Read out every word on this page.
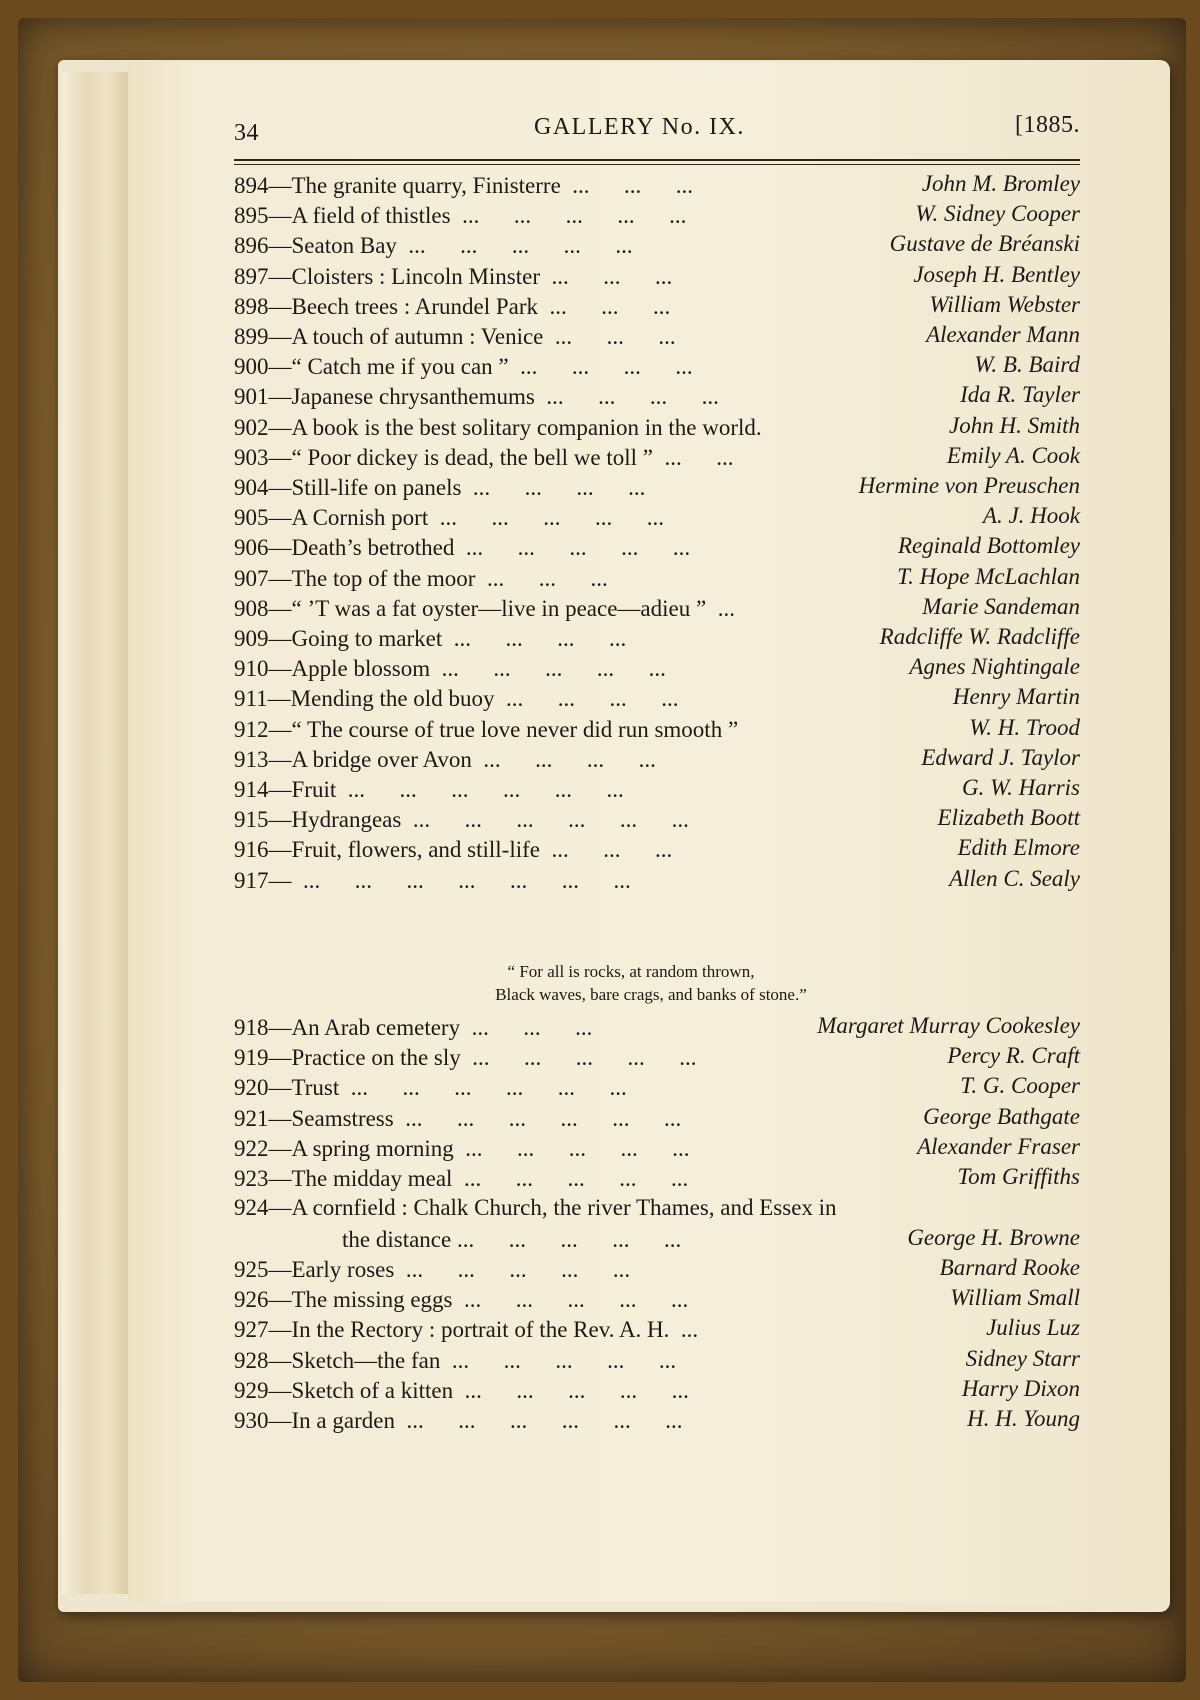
34	GALLERY No. IX.	[1885.
894—The granite quarry, Finisterre ...      ...      ...	John M. Bromley
895—A field of thistles ...      ...      ...      ...      ...	W. Sidney Cooper
896—Seaton Bay ...      ...      ...      ...      ...	Gustave de Bréanski
897—Cloisters : Lincoln Minster ...      ...      ...	Joseph H. Bentley
898—Beech trees : Arundel Park ...      ...      ...	William Webster
899—A touch of autumn : Venice ...      ...      ...	Alexander Mann
900—“ Catch me if you can ” ...      ...      ...      ...	W. B. Baird
901—Japanese chrysanthemums ...      ...      ...      ...	Ida R. Tayler
902—A book is the best solitary companion in the world.	John H. Smith
903—“ Poor dickey is dead, the bell we toll ” ...      ...	Emily A. Cook
904—Still-life on panels ...      ...      ...      ...	Hermine von Preuschen
905—A Cornish port ...      ...      ...      ...      ...	A. J. Hook
906—Death’s betrothed ...      ...      ...      ...      ...	Reginald Bottomley
907—The top of the moor ...      ...      ...	T. Hope McLachlan
908—“ ’T was a fat oyster—live in peace—adieu ” ...	Marie Sandeman
909—Going to market ...      ...      ...      ...	Radcliffe W. Radcliffe
910—Apple blossom ...      ...      ...      ...      ...	Agnes Nightingale
911—Mending the old buoy ...      ...      ...      ...	Henry Martin
912—“ The course of true love never did run smooth ”	W. H. Trood
913—A bridge over Avon ...      ...      ...      ...	Edward J. Taylor
914—Fruit ...      ...      ...      ...      ...      ...	G. W. Harris
915—Hydrangeas ...      ...      ...      ...      ...      ...	Elizabeth Boott
916—Fruit, flowers, and still-life ...      ...      ...	Edith Elmore
917— ...      ...      ...      ...      ...      ...      ...	Allen C. Sealy
“ For all is rocks, at random thrown,
Black waves, bare crags, and banks of stone.”
918—An Arab cemetery ...      ...      ...	Margaret Murray Cookesley
919—Practice on the sly ...      ...      ...      ...      ...	Percy R. Craft
920—Trust ...      ...      ...      ...      ...      ...	T. G. Cooper
921—Seamstress ...      ...      ...      ...      ...      ...	George Bathgate
922—A spring morning ...      ...      ...      ...      ...	Alexander Fraser
923—The midday meal ...      ...      ...      ...      ...	Tom Griffiths
924—A cornfield : Chalk Church, the river Thames, and Essex in
the distance ...      ...      ...      ...      ...	George H. Browne
925—Early roses ...      ...      ...      ...      ...	Barnard Rooke
926—The missing eggs ...      ...      ...      ...      ...	William Small
927—In the Rectory : portrait of the Rev. A. H. ...	Julius Luz
928—Sketch—the fan ...      ...      ...      ...      ...	Sidney Starr
929—Sketch of a kitten ...      ...      ...      ...      ...	Harry Dixon
930—In a garden ...      ...      ...      ...      ...      ...	H. H. Young
